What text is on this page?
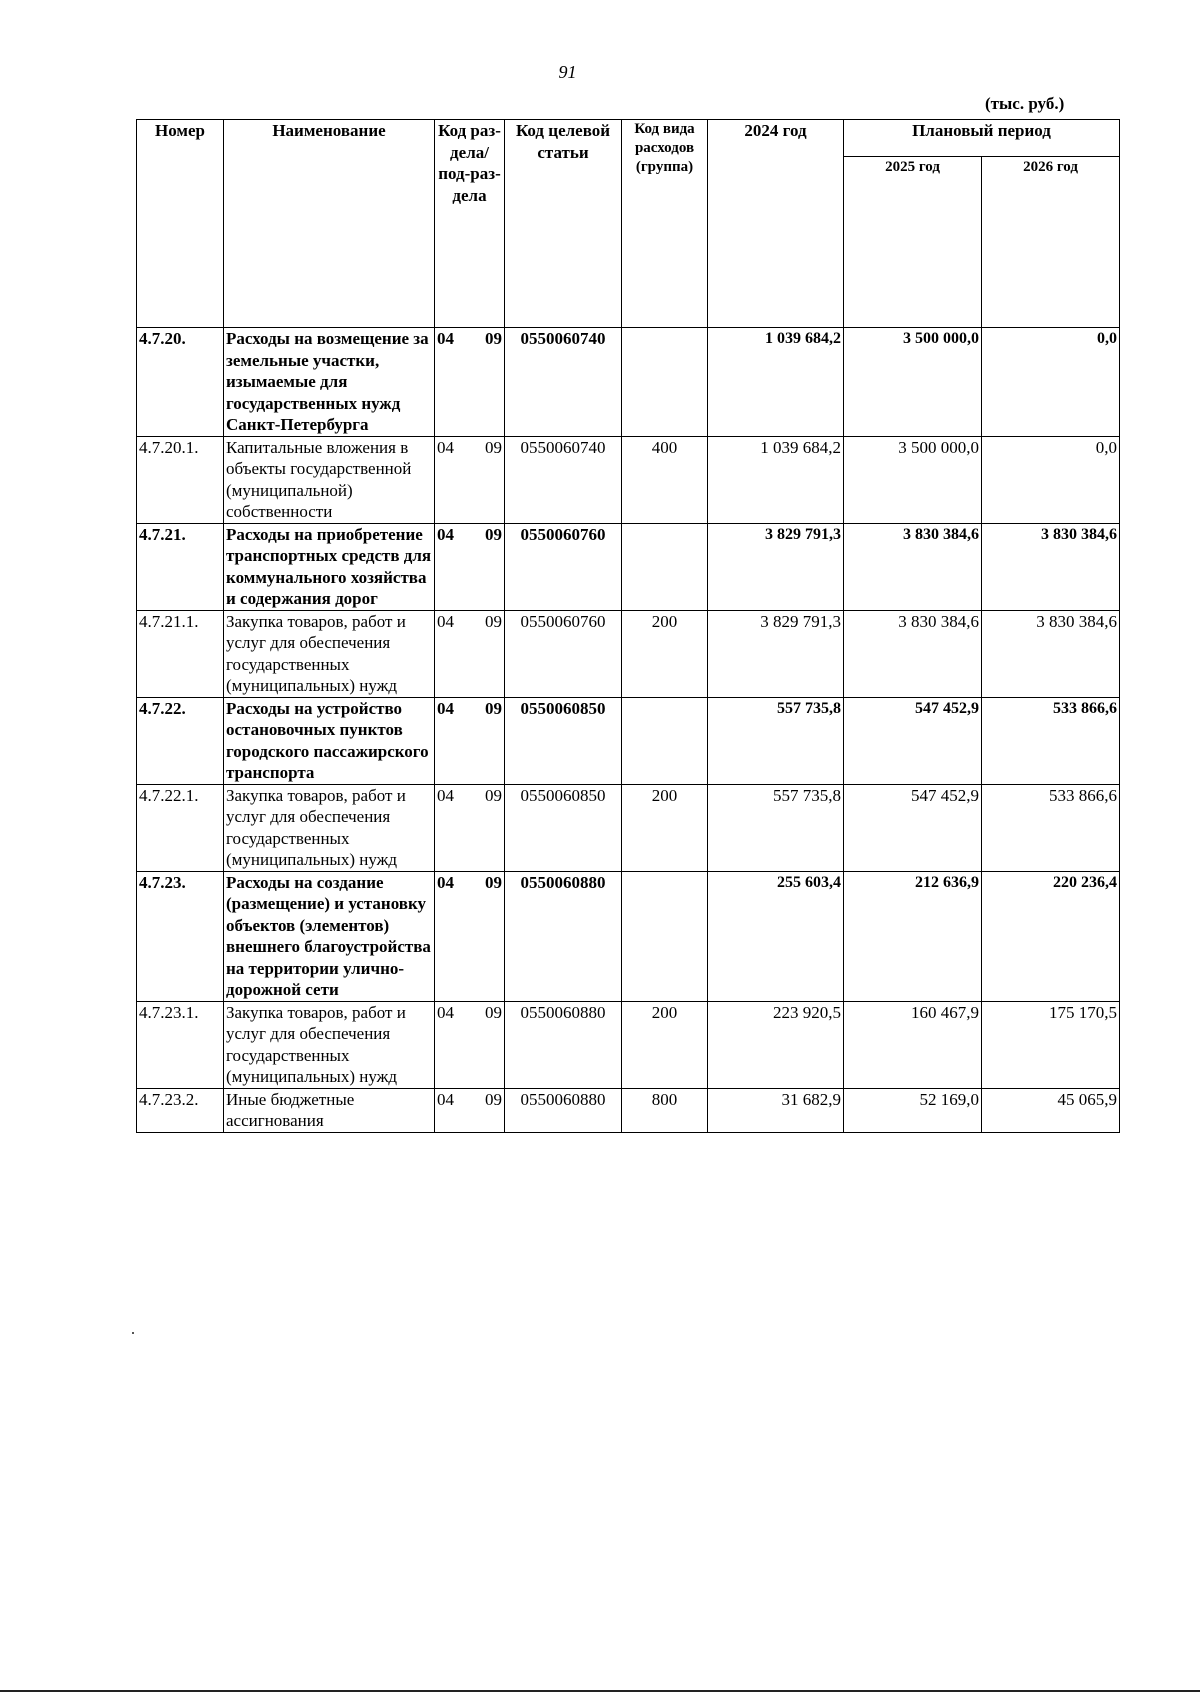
91
(тыс. руб.)
Номер	Наименование	Код раз-дела/ под-раз-дела	Код целевой статьи	Код вида расходов (группа)	2024 год	Плановый период	
						2025 год	2026 год
4.7.20.	Расходы на возмещение за земельные участки, изымаемые для государственных нужд Санкт-Петербурга	04 09	0550060740		1 039 684,2	3 500 000,0	0,0
4.7.20.1.	Капитальные вложения в объекты государственной (муниципальной) собственности	04 09	0550060740	400	1 039 684,2	3 500 000,0	0,0
4.7.21.	Расходы на приобретение транспортных средств для коммунального хозяйства и содержания дорог	04 09	0550060760		3 829 791,3	3 830 384,6	3 830 384,6
4.7.21.1.	Закупка товаров, работ и услуг для обеспечения государственных (муниципальных) нужд	04 09	0550060760	200	3 829 791,3	3 830 384,6	3 830 384,6
4.7.22.	Расходы на устройство остановочных пунктов городского пассажирского транспорта	04 09	0550060850		557 735,8	547 452,9	533 866,6
4.7.22.1.	Закупка товаров, работ и услуг для обеспечения государственных (муниципальных) нужд	04 09	0550060850	200	557 735,8	547 452,9	533 866,6
4.7.23.	Расходы на создание (размещение) и установку объектов (элементов) внешнего благоустройства на территории улично-дорожной сети	04 09	0550060880		255 603,4	212 636,9	220 236,4
4.7.23.1.	Закупка товаров, работ и услуг для обеспечения государственных (муниципальных) нужд	04 09	0550060880	200	223 920,5	160 467,9	175 170,5
4.7.23.2.	Иные бюджетные ассигнования	04 09	0550060880	800	31 682,9	52 169,0	45 065,9
